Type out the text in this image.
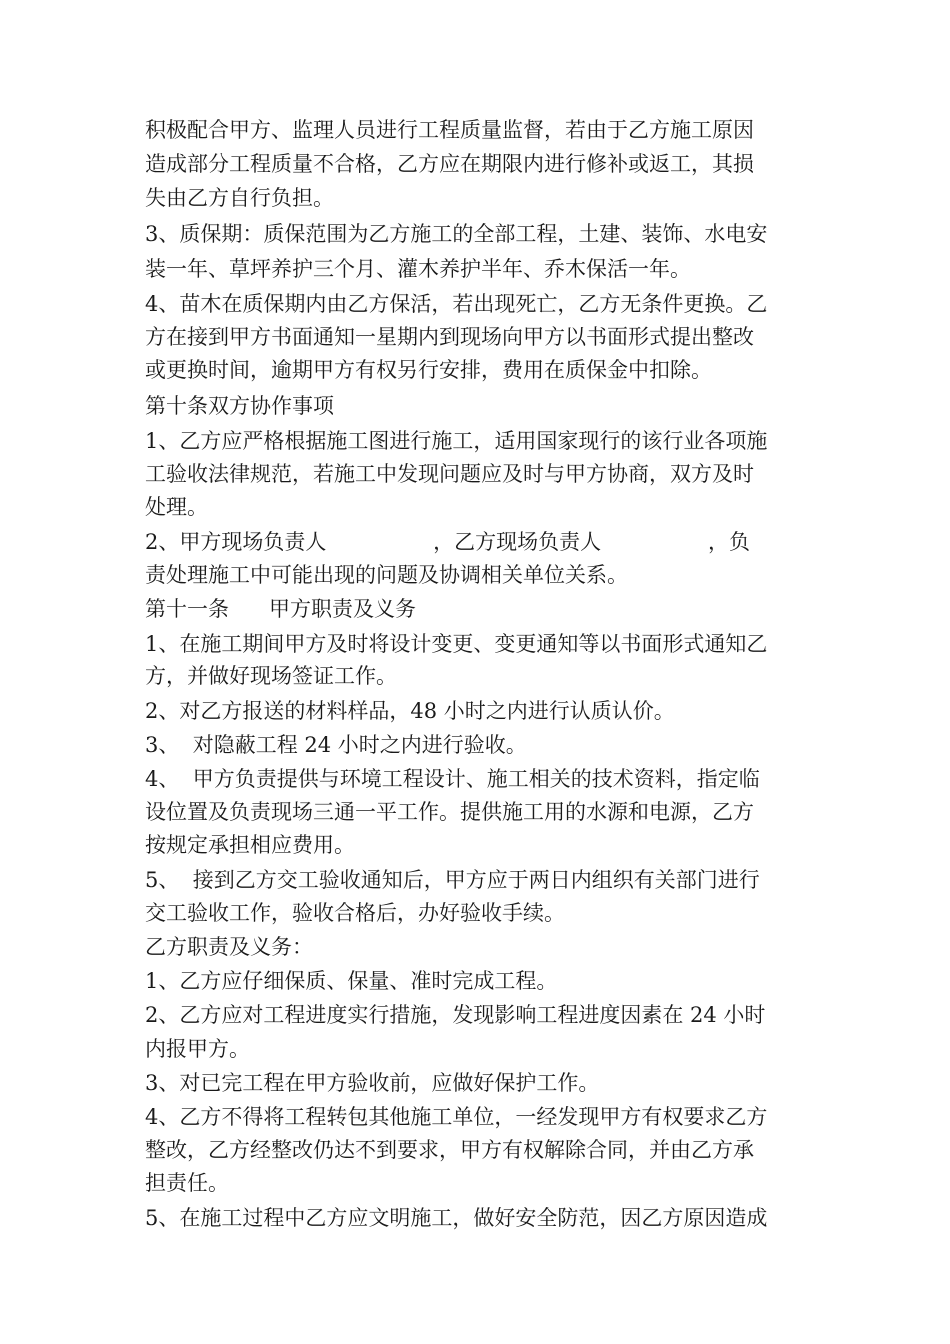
积极配合甲方、监理人员进行工程质量监督，若由于乙方施工原因
造成部分工程质量不合格，乙方应在期限内进行修补或返工，其损
失由乙方自行负担。
3、质保期：质保范围为乙方施工的全部工程，土建、装饰、水电安
装一年、草坪养护三个月、灌木养护半年、乔木保活一年。
4、苗木在质保期内由乙方保活，若出现死亡，乙方无条件更换。乙
方在接到甲方书面通知一星期内到现场向甲方以书面形式提出整改
或更换时间，逾期甲方有权另行安排，费用在质保金中扣除。
第十条双方协作事项
1、乙方应严格根据施工图进行施工，适用国家现行的该行业各项施
工验收法律规范，若施工中发现问题应及时与甲方协商，双方及时
处理。
2、甲方现场负责人                ，乙方现场负责人                ，负
责处理施工中可能出现的问题及协调相关单位关系。
第十一条      甲方职责及义务
1、在施工期间甲方及时将设计变更、变更通知等以书面形式通知乙
方，并做好现场签证工作。
2、对乙方报送的材料样品，48 小时之内进行认质认价。
3、  对隐蔽工程 24 小时之内进行验收。
4、  甲方负责提供与环境工程设计、施工相关的技术资料，指定临
设位置及负责现场三通一平工作。提供施工用的水源和电源，乙方
按规定承担相应费用。
5、  接到乙方交工验收通知后，甲方应于两日内组织有关部门进行
交工验收工作，验收合格后，办好验收手续。
乙方职责及义务：
1、乙方应仔细保质、保量、准时完成工程。
2、乙方应对工程进度实行措施，发现影响工程进度因素在 24 小时
内报甲方。
3、对已完工程在甲方验收前，应做好保护工作。
4、乙方不得将工程转包其他施工单位，一经发现甲方有权要求乙方
整改，乙方经整改仍达不到要求，甲方有权解除合同，并由乙方承
担责任。
5、在施工过程中乙方应文明施工，做好安全防范，因乙方原因造成
